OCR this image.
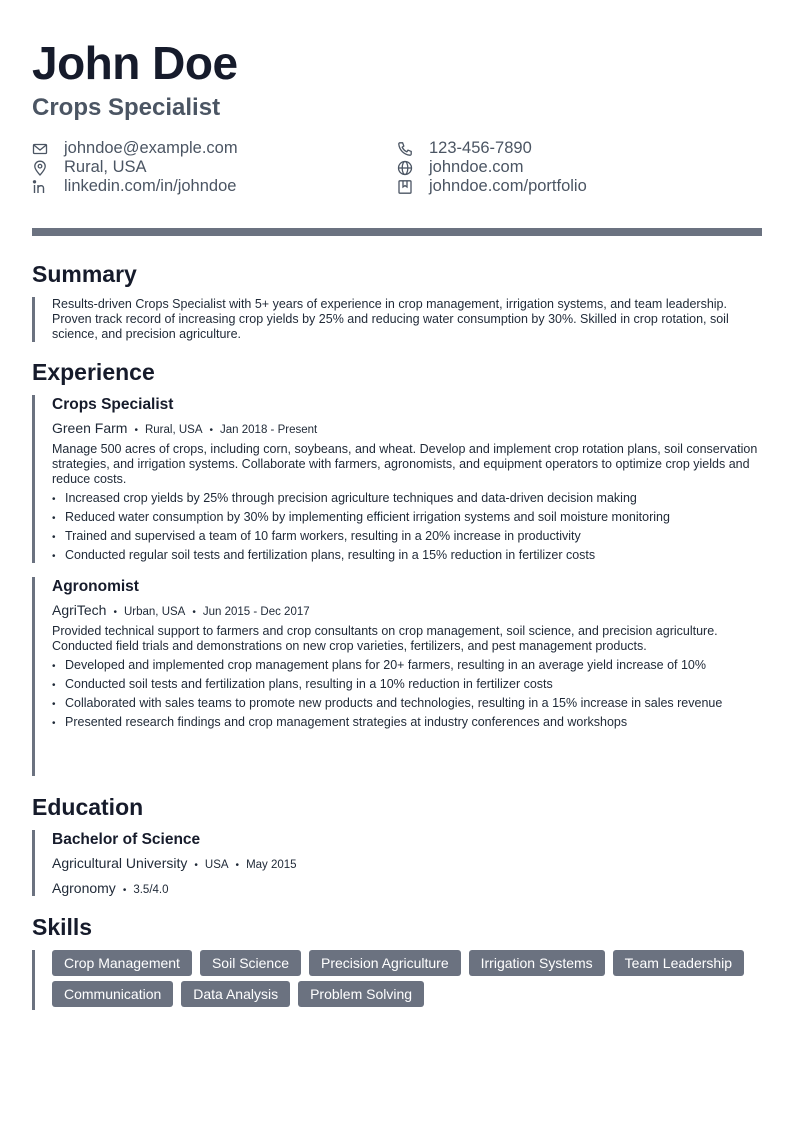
John Doe
Crops Specialist
johndoe@example.com	123-456-7890
Rural, USA	johndoe.com
linkedin.com/in/johndoe	johndoe.com/portfolio
Summary
Results-driven Crops Specialist with 5+ years of experience in crop management, irrigation systems, and team leadership. Proven track record of increasing crop yields by 25% and reducing water consumption by 30%. Skilled in crop rotation, soil science, and precision agriculture.
Experience
Crops Specialist
Green Farm • Rural, USA • Jan 2018 - Present
Manage 500 acres of crops, including corn, soybeans, and wheat. Develop and implement crop rotation plans, soil conservation strategies, and irrigation systems. Collaborate with farmers, agronomists, and equipment operators to optimize crop yields and reduce costs.
• Increased crop yields by 25% through precision agriculture techniques and data-driven decision making
• Reduced water consumption by 30% by implementing efficient irrigation systems and soil moisture monitoring
• Trained and supervised a team of 10 farm workers, resulting in a 20% increase in productivity
• Conducted regular soil tests and fertilization plans, resulting in a 15% reduction in fertilizer costs
Agronomist
AgriTech • Urban, USA • Jun 2015 - Dec 2017
Provided technical support to farmers and crop consultants on crop management, soil science, and precision agriculture. Conducted field trials and demonstrations on new crop varieties, fertilizers, and pest management products.
• Developed and implemented crop management plans for 20+ farmers, resulting in an average yield increase of 10%
• Conducted soil tests and fertilization plans, resulting in a 10% reduction in fertilizer costs
• Collaborated with sales teams to promote new products and technologies, resulting in a 15% increase in sales revenue
• Presented research findings and crop management strategies at industry conferences and workshops
Education
Bachelor of Science
Agricultural University • USA • May 2015
Agronomy • 3.5/4.0
Skills
Crop Management	Soil Science	Precision Agriculture	Irrigation Systems	Team Leadership
Communication	Data Analysis	Problem Solving
